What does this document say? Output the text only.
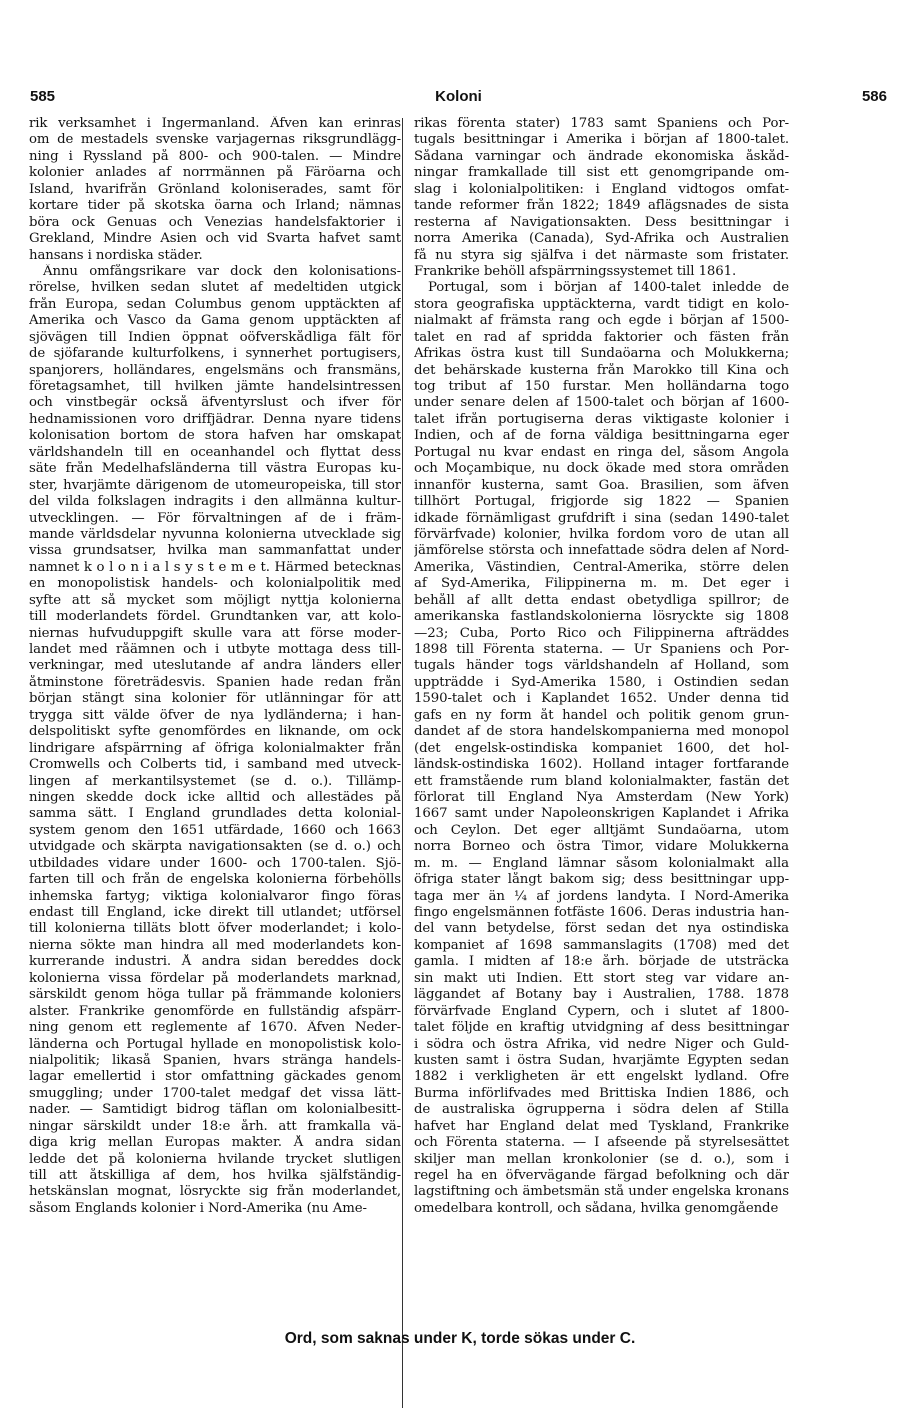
585	Koloni	586
rik verksamhet i Ingermanland. Äfven kan erinras
om de mestadels svenske varjagernas riksgrundlägg-
ning i Ryssland på 800- och 900-talen. — Mindre
kolonier anlades af norrmännen på Färöarna och
Island, hvarifrån Grönland koloniserades, samt för
kortare tider på skotska öarna och Irland; nämnas
böra ock Genuas och Venezias handelsfaktorier i
Grekland, Mindre Asien och vid Svarta hafvet samt
hansans i nordiska städer.
Ännu omfångsrikare var dock den kolonisations-
rörelse, hvilken sedan slutet af medeltiden utgick
från Europa, sedan Columbus genom upptäckten af
Amerika och Vasco da Gama genom upptäckten af
sjövägen till Indien öppnat oöfverskådliga fält för
de sjöfarande kulturfolkens, i synnerhet portugisers,
spanjorers, holländares, engelsmäns och fransmäns,
företagsamhet, till hvilken jämte handelsintressen
och vinstbegär också äfventyrslust och ifver för
hednamissionen voro driffjädrar. Denna nyare tidens
kolonisation bortom de stora hafven har omskapat
världshandeln till en oceanhandel och flyttat dess
säte från Medelhafsländerna till västra Europas ku-
ster, hvarjämte därigenom de utomeuropeiska, till stor
del vilda folkslagen indragits i den allmänna kultur-
utvecklingen. — För förvaltningen af de i främ-
mande världsdelar nyvunna kolonierna utvecklade sig
vissa grundsatser, hvilka man sammanfattat under
namnet k o l o n i a l s y s t e m e t. Härmed betecknas
en monopolistisk handels- och kolonialpolitik med
syfte att så mycket som möjligt nyttja kolonierna
till moderlandets fördel. Grundtanken var, att kolo-
niernas hufvuduppgift skulle vara att förse moder-
landet med råämnen och i utbyte mottaga dess till-
verkningar, med uteslutande af andra länders eller
åtminstone företrädesvis. Spanien hade redan från
början stängt sina kolonier för utlänningar för att
trygga sitt välde öfver de nya lydländerna; i han-
delspolitiskt syfte genomfördes en liknande, om ock
lindrigare afspärrning af öfriga kolonialmakter från
Cromwells och Colberts tid, i samband med utveck-
lingen af merkantilsystemet (se d. o.). Tillämp-
ningen skedde dock icke alltid och allestädes på
samma sätt. I England grundlades detta kolonial-
system genom den 1651 utfärdade, 1660 och 1663
utvidgade och skärpta navigationsakten (se d. o.) och
utbildades vidare under 1600- och 1700-talen. Sjö-
farten till och från de engelska kolonierna förbehölls
inhemska fartyg; viktiga kolonialvaror fingo föras
endast till England, icke direkt till utlandet; utförsel
till kolonierna tilläts blott öfver moderlandet; i kolo-
nierna sökte man hindra all med moderlandets kon-
kurrerande industri. Å andra sidan bereddes dock
kolonierna vissa fördelar på moderlandets marknad,
särskildt genom höga tullar på främmande koloniers
alster. Frankrike genomförde en fullständig afspärr-
ning genom ett reglemente af 1670. Äfven Neder-
länderna och Portugal hyllade en monopolistisk kolo-
nialpolitik; likaså Spanien, hvars stränga handels-
lagar emellertid i stor omfattning gäckades genom
smuggling; under 1700-talet medgaf det vissa lätt-
nader. — Samtidigt bidrog täflan om kolonialbesitt-
ningar särskildt under 18:e årh. att framkalla vä-
diga krig mellan Europas makter. Å andra sidan
ledde det på kolonierna hvilande trycket slutligen
till att åtskilliga af dem, hos hvilka själfständig-
hetskänslan mognat, lösryckte sig från moderlandet,
såsom Englands kolonier i Nord-Amerika (nu Ame-
rikas förenta stater) 1783 samt Spaniens och Por-
tugals besittningar i Amerika i början af 1800-talet.
Sådana varningar och ändrade ekonomiska åskåd-
ningar framkallade till sist ett genomgripande om-
slag i kolonialpolitiken: i England vidtogos omfat-
tande reformer från 1822; 1849 aflägsnades de sista
resterna af Navigationsakten. Dess besittningar i
norra Amerika (Canada), Syd-Afrika och Australien
få nu styra sig själfva i det närmaste som fristater.
Frankrike behöll afspärrningssystemet till 1861.
Portugal, som i början af 1400-talet inledde de
stora geografiska upptäckterna, vardt tidigt en kolo-
nialmakt af främsta rang och egde i början af 1500-
talet en rad af spridda faktorier och fästen från
Afrikas östra kust till Sundaöarna och Molukkerna;
det behärskade kusterna från Marokko till Kina och
tog tribut af 150 furstar. Men holländarna togo
under senare delen af 1500-talet och början af 1600-
talet ifrån portugiserna deras viktigaste kolonier i
Indien, och af de forna väldiga besittningarna eger
Portugal nu kvar endast en ringa del, såsom Angola
och Moçambique, nu dock ökade med stora områden
innanför kusterna, samt Goa. Brasilien, som äfven
tillhört Portugal, frigjorde sig 1822 — Spanien
idkade förnämligast grufdrift i sina (sedan 1490-talet
förvärfvade) kolonier, hvilka fordom voro de utan all
jämförelse största och innefattade södra delen af Nord-
Amerika, Västindien, Central-Amerika, större delen
af Syd-Amerika, Filippinerna m. m. Det eger i
behåll af allt detta endast obetydliga spillror; de
amerikanska fastlandskolonierna lösryckte sig 1808
—23; Cuba, Porto Rico och Filippinerna afträddes
1898 till Förenta staterna. — Ur Spaniens och Por-
tugals händer togs världshandeln af Holland, som
uppträdde i Syd-Amerika 1580, i Ostindien sedan
1590-talet och i Kaplandet 1652. Under denna tid
gafs en ny form åt handel och politik genom grun-
dandet af de stora handelskompanierna med monopol
(det engelsk-ostindiska kompaniet 1600, det hol-
ländsk-ostindiska 1602). Holland intager fortfarande
ett framstående rum bland kolonialmakter, fastän det
förlorat till England Nya Amsterdam (New York)
1667 samt under Napoleonskrigen Kaplandet i Afrika
och Ceylon. Det eger alltjämt Sundaöarna, utom
norra Borneo och östra Timor, vidare Molukkerna
m. m. — England lämnar såsom kolonialmakt alla
öfriga stater långt bakom sig; dess besittningar upp-
taga mer än ¼ af jordens landyta. I Nord-Amerika
fingo engelsmännen fotfäste 1606. Deras industria han-
del vann betydelse, först sedan det nya ostindiska
kompaniet af 1698 sammanslagits (1708) med det
gamla. I midten af 18:e årh. började de utsträcka
sin makt uti Indien. Ett stort steg var vidare an-
läggandet af Botany bay i Australien, 1788. 1878
förvärfvade England Cypern, och i slutet af 1800-
talet följde en kraftig utvidgning af dess besittningar
i södra och östra Afrika, vid nedre Niger och Guld-
kusten samt i östra Sudan, hvarjämte Egypten sedan
1882 i verkligheten är ett engelskt lydland. Öfre
Burma införlifvades med Brittiska Indien 1886, och
de australiska ögrupperna i södra delen af Stilla
hafvet har England delat med Tyskland, Frankrike
och Förenta staterna. — I afseende på styrelsesättet
skiljer man mellan kronkolonier (se d. o.), som i
regel ha en öfvervägande färgad befolkning och där
lagstiftning och ämbetsmän stå under engelska kronans
omedelbara kontroll, och sådana, hvilka genomgående
Ord, som saknas under K, torde sökas under C.
